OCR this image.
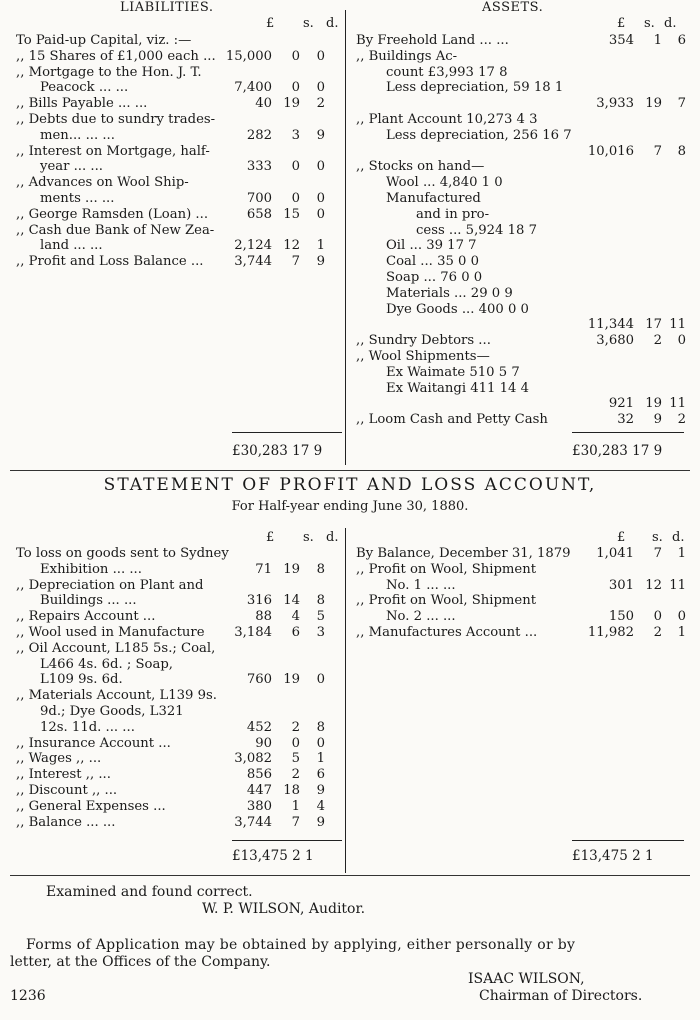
LIABILITIES.	ASSETS.
£ s. d.	£ s. d.
To Paid-up Capital, viz. :—
,, 15 Shares of £1,000 each ... 15,000	0	0
,, Mortgage to the Hon. J. T.
Peacock ... ...	7,400	0	0
,, Bills Payable ... ...	40 19	2
,, Debts due to sundry trades-
men... ... ...	282	3	9
,, Interest on Mortgage, half-
year ... ...	333	0	0
,, Advances on Wool Ship-
ments ... ...	700	0	0
,, George Ramsden (Loan) ...	658 15	0
,, Cash due Bank of New Zea-
land ... ...	2,124 12	1
,, Profit and Loss Balance ...	3,744	7	9
By Freehold Land ... ...	354	1	6
,, Buildings Ac-
count £3,993 17 8
Less depreciation, 59 18 1
3,933 19	7
,, Plant Account 10,273 4 3
Less depreciation, 256 16 7
10,016	7	8
,, Stocks on hand—
Wool ... 4,840 1 0
Manufactured
and in pro-
cess ... 5,924 18 7
Oil ... 39 17 7
Coal ... 35 0 0
Soap ... 76 0 0
Materials ... 29 0 9
Dye Goods ... 400 0 0
11,344 17 11
,, Sundry Debtors ...	3,680	2	0
,, Wool Shipments—
Ex Waimate 510 5 7
Ex Waitangi 411 14 4
921 19 11
,, Loom Cash and Petty Cash	32	9	2
£30,283 17 9	£30,283 17 9
STATEMENT OF PROFIT AND LOSS ACCOUNT,
For Half-year ending June 30, 1880.
£ s. d.	£ s. d.
To loss on goods sent to Sydney
Exhibition ... ...	71 19	8
,, Depreciation on Plant and
Buildings ... ...	316 14	8
,, Repairs Account ...	88	4	5
,, Wool used in Manufacture	3,184	6	3
,, Oil Account, L185 5s.; Coal,
L466 4s. 6d. ; Soap,
L109 9s. 6d.	760 19	0
,, Materials Account, L139 9s.
9d.; Dye Goods, L321
12s. 11d. ... ...	452	2	8
,, Insurance Account ...	90	0	0
,, Wages ,, ...	3,082	5	1
,, Interest ,, ...	856	2	6
,, Discount ,, ...	447 18	9
,, General Expenses ...	380	1	4
,, Balance ... ...	3,744	7	9
By Balance, December 31, 1879	1,041	7	1
,, Profit on Wool, Shipment
No. 1 ... ...	301 12 11
,, Profit on Wool, Shipment
No. 2 ... ...	150	0	0
,, Manufactures Account ...	11,982	2	1
£13,475 2 1	£13,475 2 1
Examined and found correct.
W. P. WILSON, Auditor.
Forms of Application may be obtained by applying, either personally or by
letter, at the Offices of the Company.
ISAAC WILSON,
Chairman of Directors.
1236
